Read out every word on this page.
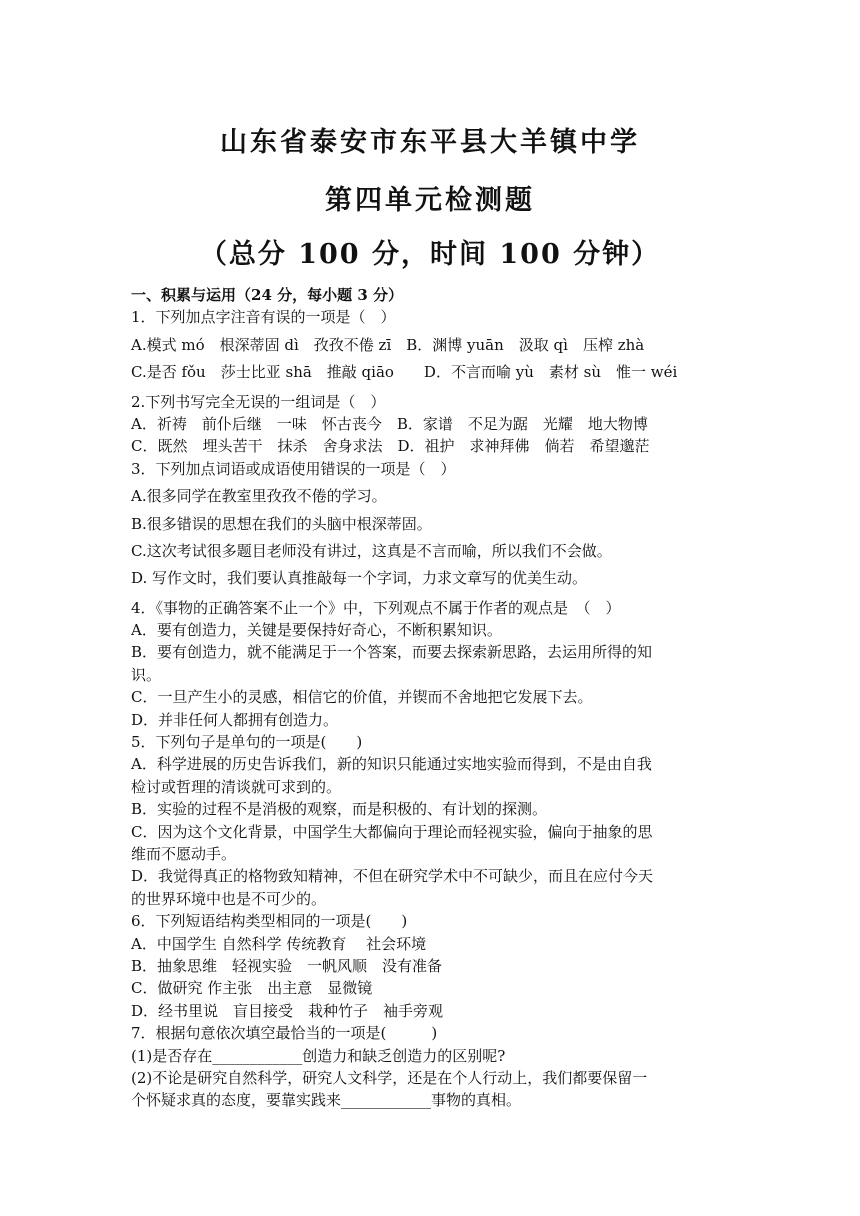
山东省泰安市东平县大羊镇中学
第四单元检测题
（总分 100 分，时间 100 分钟）
一、积累与运用（24 分，每小题 3 分）
1．下列加点字注音有误的一项是（　）
A.模式 mó　根深蒂固 dì　孜孜不倦 zī　B．渊博 yuān　汲取 qì　压榨 zhà
C.是否 fǒu　莎士比亚 shā　推敲 qiāo　　D．不言而喻 yù　素材 sù　惟一 wéi
2.下列书写完全无误的一组词是（　）
A．祈祷　前仆后继　一味　怀古丧今　B．家谱　不足为踞　光耀　地大物博
C．既然　埋头苦干　抹杀　舍身求法　D．祖护　求神拜佛　倘若　希望邈茫
3．下列加点词语或成语使用错误的一项是（　）
A.很多同学在教室里孜孜不倦的学习。
B.很多错误的思想在我们的头脑中根深蒂固。
C.这次考试很多题目老师没有讲过，这真是不言而喻，所以我们不会做。
D. 写作文时，我们要认真推敲每一个字词，力求文章写的优美生动。
4．《事物的正确答案不止一个》中，下列观点不属于作者的观点是　（　）
A．要有创造力，关键是要保持好奇心，不断积累知识。
B．要有创造力，就不能满足于一个答案，而要去探索新思路，去运用所得的知
识。
C．一旦产生小的灵感，相信它的价值，并锲而不舍地把它发展下去。
D．并非任何人都拥有创造力。
5．下列句子是单句的一项是(　　)
A．科学进展的历史告诉我们，新的知识只能通过实地实验而得到，不是由自我
检讨或哲理的清谈就可求到的。
B．实验的过程不是消极的观察，而是积极的、有计划的探测。
C．因为这个文化背景，中国学生大都偏向于理论而轻视实验，偏向于抽象的思
维而不愿动手。
D．我觉得真正的格物致知精神，不但在研究学术中不可缺少，而且在应付今天
的世界环境中也是不可少的。
6．下列短语结构类型相同的一项是(　　)
A．中国学生 自然科学 传统教育　 社会环境
B．抽象思维　轻视实验　一帆风顺　没有准备
C．做研究 作主张　出主意　显微镜
D．经书里说　盲目接受　栽种竹子　袖手旁观
7．根据句意依次填空最恰当的一项是(　　　)
(1)是否存在____________创造力和缺乏创造力的区别呢?
(2)不论是研究自然科学，研究人文科学，还是在个人行动上，我们都要保留一
个怀疑求真的态度，要靠实践来____________事物的真相。
